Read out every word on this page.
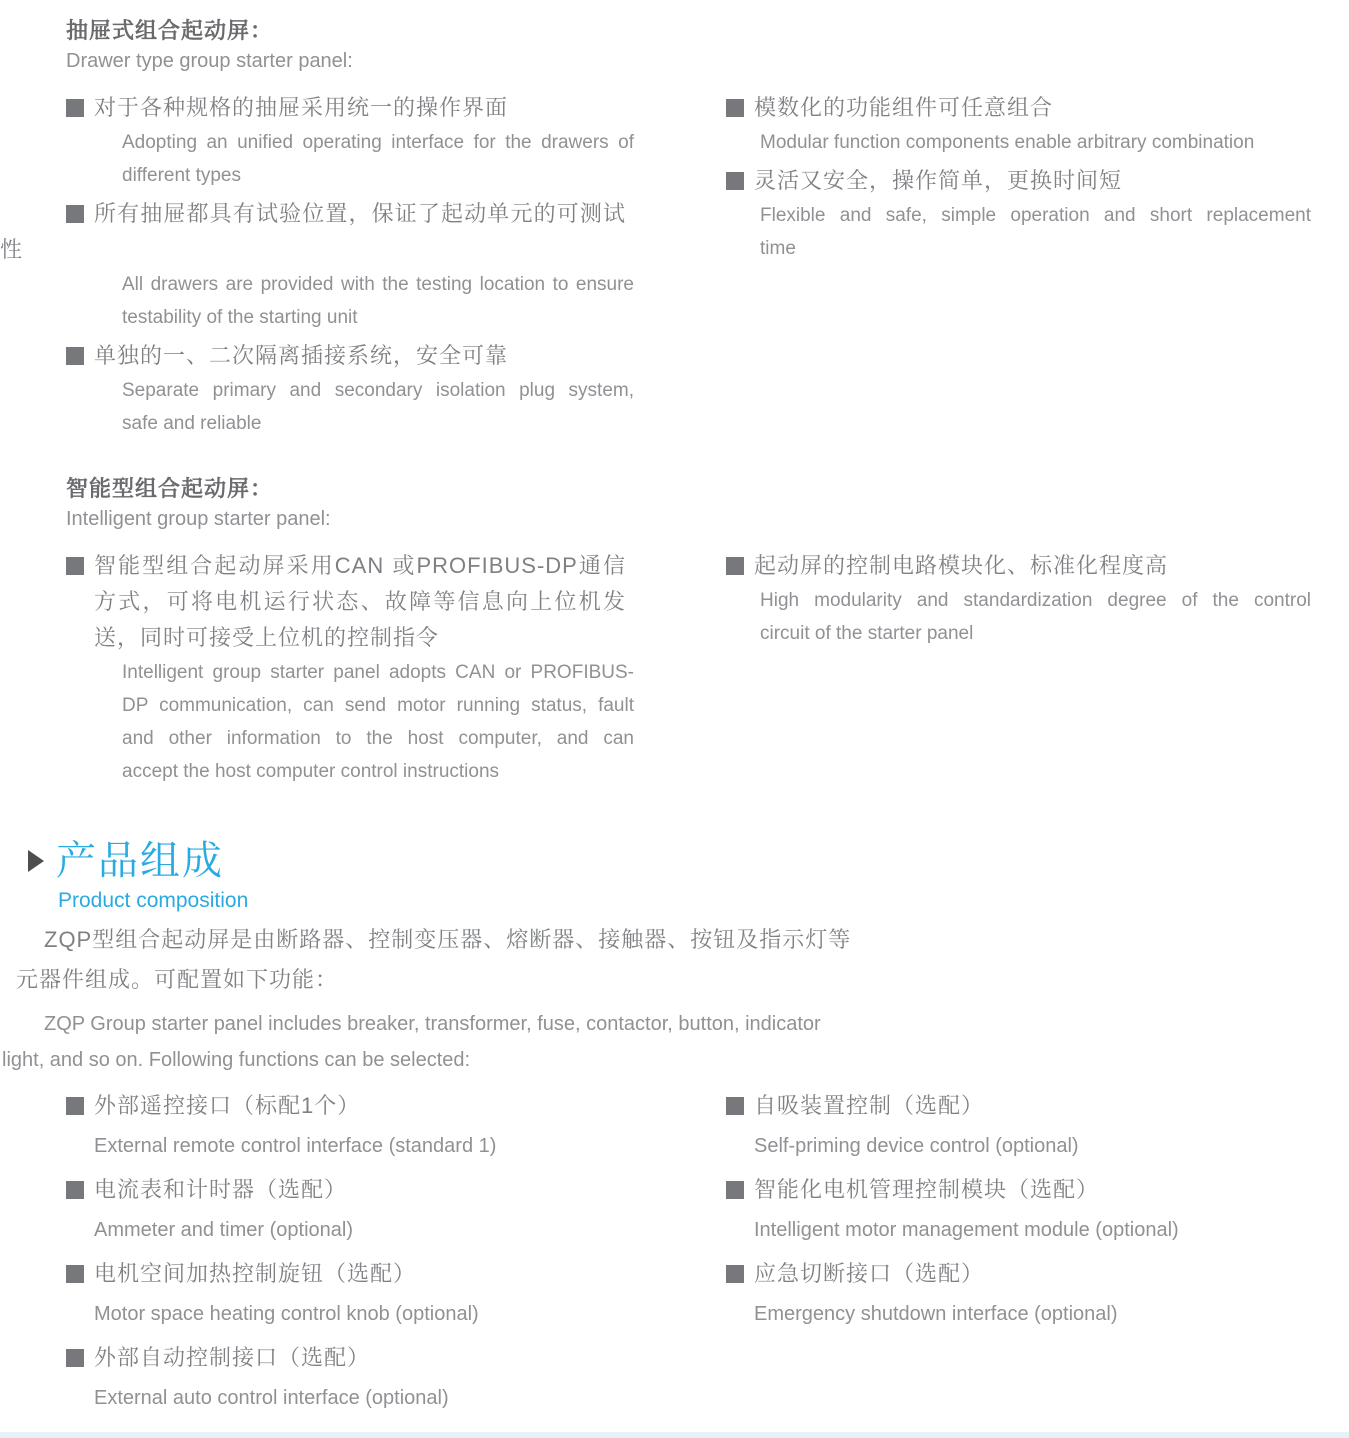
抽屉式组合起动屏：
Drawer type group starter panel:
对于各种规格的抽屉采用统一的操作界面
Adopting an unified operating interface for the drawers of
different types
所有抽屉都具有试验位置，保证了起动单元的可测试
性
All drawers are provided with the testing location to ensure
testability of the starting unit
单独的一、二次隔离插接系统，安全可靠
Separate primary and secondary isolation plug system,
safe and reliable
模数化的功能组件可任意组合
Modular function components enable arbitrary combination
灵活又安全，操作简单，更换时间短
Flexible and safe, simple operation and short replacement
time
智能型组合起动屏：
Intelligent group starter panel:
智能型组合起动屏采用CAN 或PROFIBUS-DP通信
方式，可将电机运行状态、故障等信息向上位机发
送，同时可接受上位机的控制指令
Intelligent group starter panel adopts CAN or PROFIBUS-
DP communication, can send motor running status, fault
and other information to the host computer, and can
accept the host computer control instructions
起动屏的控制电路模块化、标准化程度高
High modularity and standardization degree of the control
circuit of the starter panel
产品组成
Product composition
ZQP型组合起动屏是由断路器、控制变压器、熔断器、接触器、按钮及指示灯等
元器件组成。可配置如下功能：
ZQP Group starter panel includes breaker, transformer, fuse, contactor, button, indicator
light, and so on. Following functions can be selected:
外部遥控接口（标配1个）
External remote control interface (standard 1)
电流表和计时器（选配）
Ammeter and timer (optional)
电机空间加热控制旋钮（选配）
Motor space heating control knob (optional)
外部自动控制接口（选配）
External auto control interface (optional)
自吸装置控制（选配）
Self-priming device control (optional)
智能化电机管理控制模块（选配）
Intelligent motor management module (optional)
应急切断接口（选配）
Emergency shutdown interface (optional)
